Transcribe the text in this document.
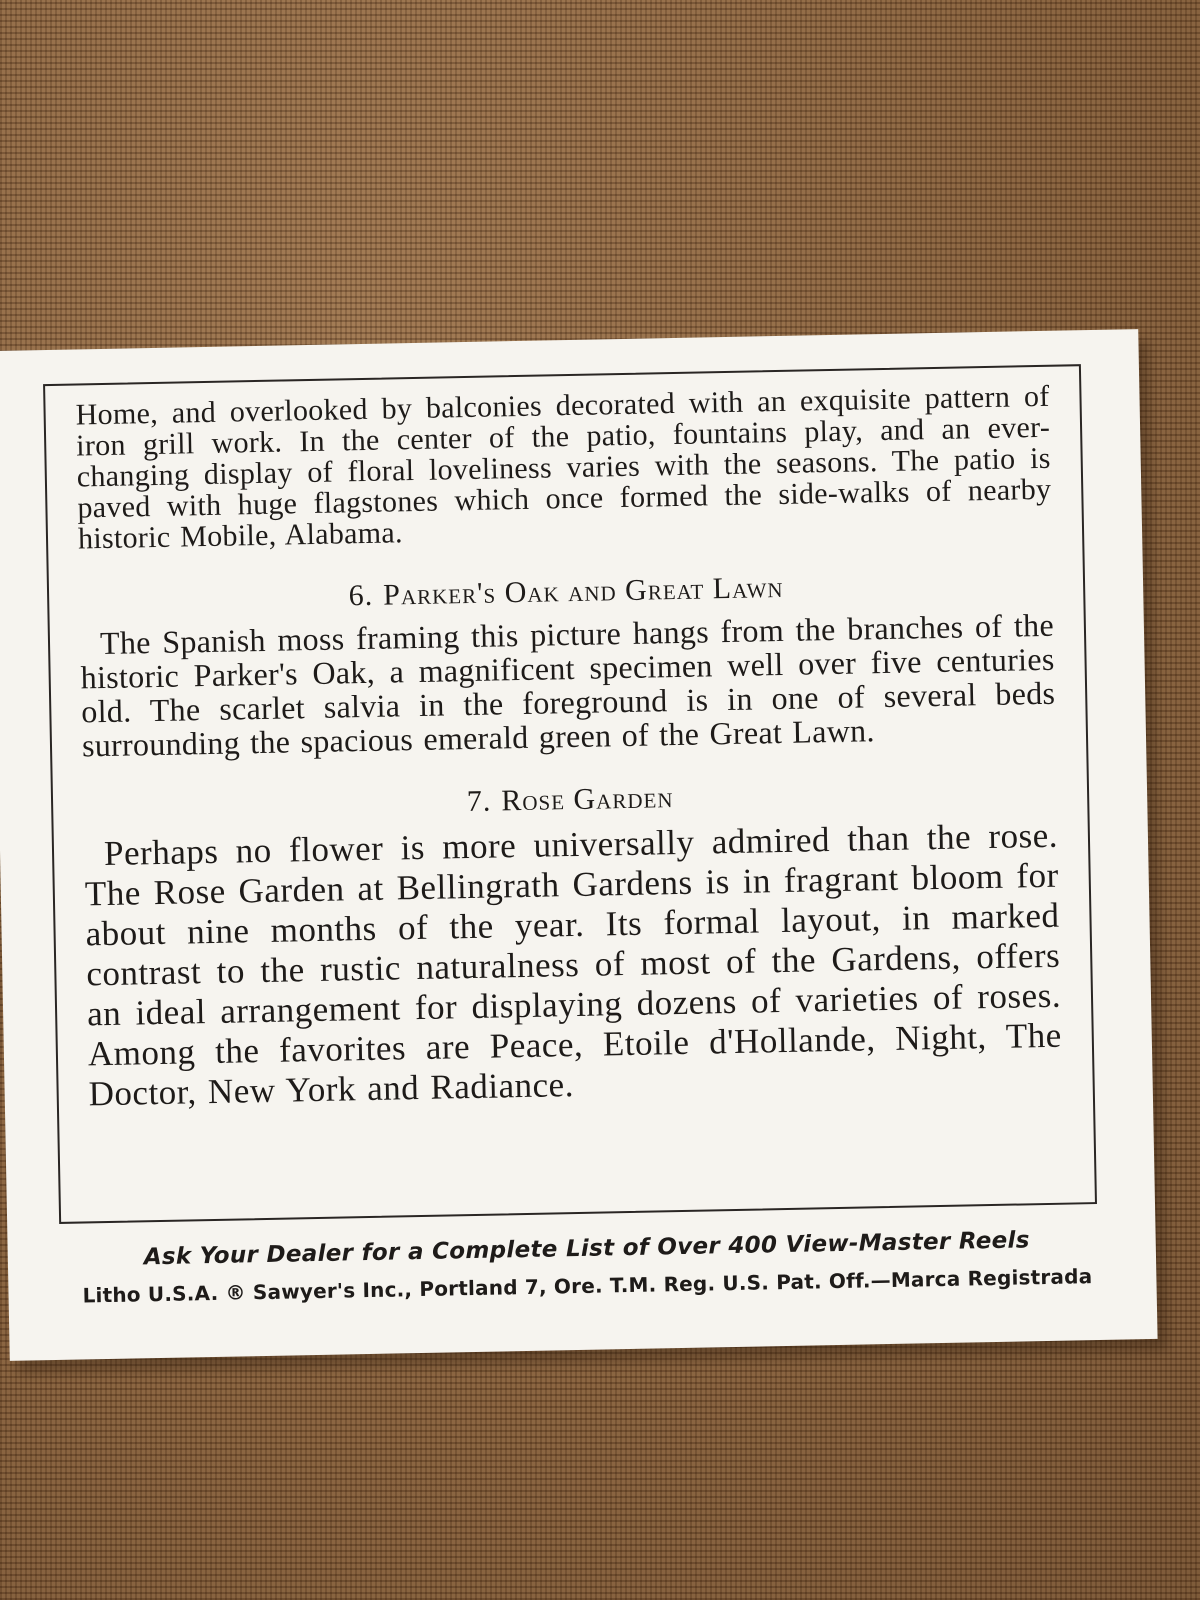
Home, and overlooked by balconies decorated with an exquisite pattern of iron grill work. In the center of the patio, fountains play, and an ever-changing display of floral loveliness varies with the seasons. The patio is paved with huge flagstones which once formed the side-walks of nearby historic Mobile, Alabama.

6. Parker's Oak and Great Lawn

The Spanish moss framing this picture hangs from the branches of the historic Parker's Oak, a magnificent specimen well over five centuries old. The scarlet salvia in the foreground is in one of several beds surrounding the spacious emerald green of the Great Lawn.

7. Rose Garden

Perhaps no flower is more universally admired than the rose. The Rose Garden at Bellingrath Gardens is in fragrant bloom for about nine months of the year. Its formal layout, in marked contrast to the rustic naturalness of most of the Gardens, offers an ideal arrangement for displaying dozens of varieties of roses. Among the favorites are Peace, Etoile d'Hollande, Night, The Doctor, New York and Radiance.

Ask Your Dealer for a Complete List of Over 400 View-Master Reels
Litho U.S.A. ® Sawyer's Inc., Portland 7, Ore. T.M. Reg. U.S. Pat. Off.—Marca Registrada
